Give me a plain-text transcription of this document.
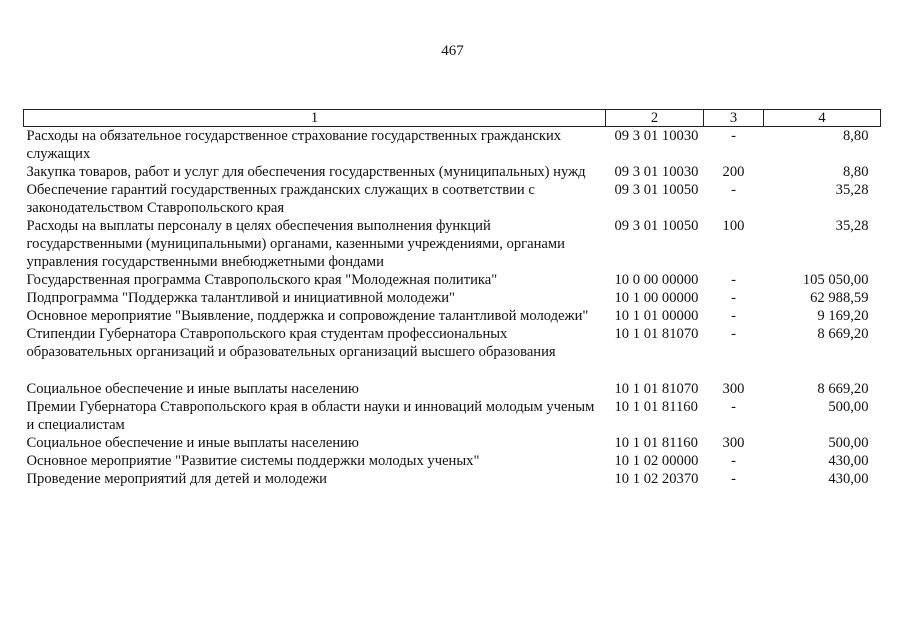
467
1	2	3	4
Расходы на обязательное государственное страхование государственных гражданских служащих	09 3 01 10030	-	8,80
Закупка товаров, работ и услуг для обеспечения государственных (муниципальных) нужд	09 3 01 10030	200	8,80
Обеспечение гарантий государственных гражданских служащих в соответствии с законодательством Ставропольского края	09 3 01 10050	-	35,28
Расходы на выплаты персоналу в целях обеспечения выполнения функций государственными (муниципальными) органами, казенными учреждениями, органами управления государственными внебюджетными фондами	09 3 01 10050	100	35,28
Государственная программа Ставропольского края "Молодежная политика"	10 0 00 00000	-	105 050,00
Подпрограмма "Поддержка талантливой и инициативной молодежи"	10 1 00 00000	-	62 988,59
Основное мероприятие "Выявление, поддержка и сопровождение талантливой молодежи"	10 1 01 00000	-	9 169,20
Стипендии Губернатора Ставропольского края студентам профессиональных образовательных организаций и образовательных организаций высшего образования	10 1 01 81070	-	8 669,20
Социальное обеспечение и иные выплаты населению	10 1 01 81070	300	8 669,20
Премии Губернатора Ставропольского края в области науки и инноваций молодым ученым и специалистам	10 1 01 81160	-	500,00
Социальное обеспечение и иные выплаты населению	10 1 01 81160	300	500,00
Основное мероприятие "Развитие системы поддержки молодых ученых"	10 1 02 00000	-	430,00
Проведение мероприятий для детей и молодежи	10 1 02 20370	-	430,00
